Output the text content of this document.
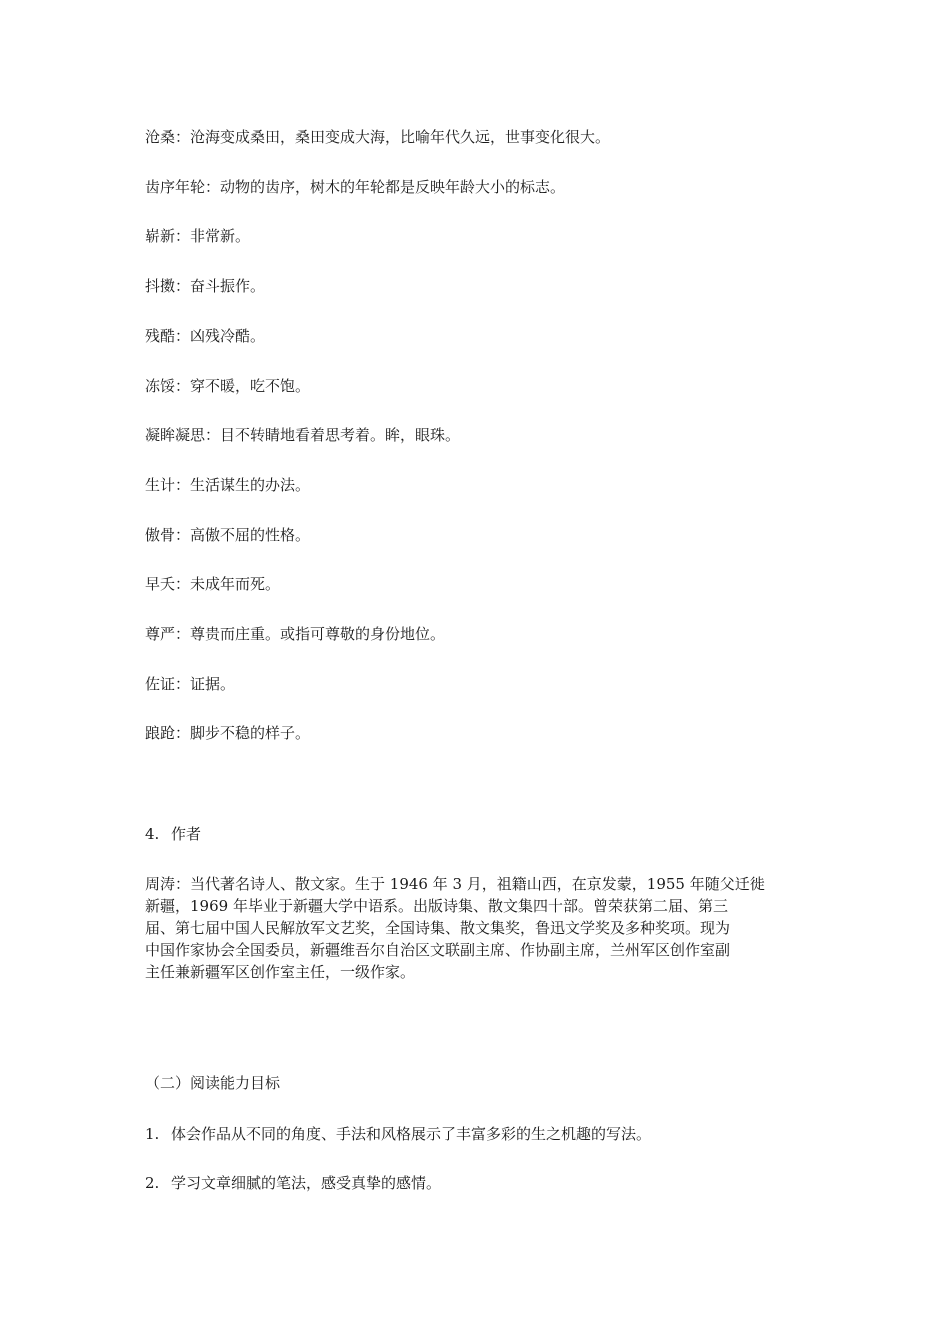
沧桑：沧海变成桑田，桑田变成大海，比喻年代久远，世事变化很大。
齿序年轮：动物的齿序，树木的年轮都是反映年龄大小的标志。
崭新：非常新。
抖擞：奋斗振作。
残酷：凶残冷酷。
冻馁：穿不暖，吃不饱。
凝眸凝思：目不转睛地看着思考着。眸，眼珠。
生计：生活谋生的办法。
傲骨：高傲不屈的性格。
早夭：未成年而死。
尊严：尊贵而庄重。或指可尊敬的身份地位。
佐证：证据。
踉跄：脚步不稳的样子。
4. 作者
周涛：当代著名诗人、散文家。生于 1946 年 3 月，祖籍山西，在京发蒙，1955 年随父迁徙
新疆，1969 年毕业于新疆大学中语系。出版诗集、散文集四十部。曾荣获第二届、第三
届、第七届中国人民解放军文艺奖，全国诗集、散文集奖，鲁迅文学奖及多种奖项。现为
中国作家协会全国委员，新疆维吾尔自治区文联副主席、作协副主席，兰州军区创作室副
主任兼新疆军区创作室主任，一级作家。
（二）阅读能力目标
1. 体会作品从不同的角度、手法和风格展示了丰富多彩的生之机趣的写法。
2. 学习文章细腻的笔法，感受真挚的感情。
